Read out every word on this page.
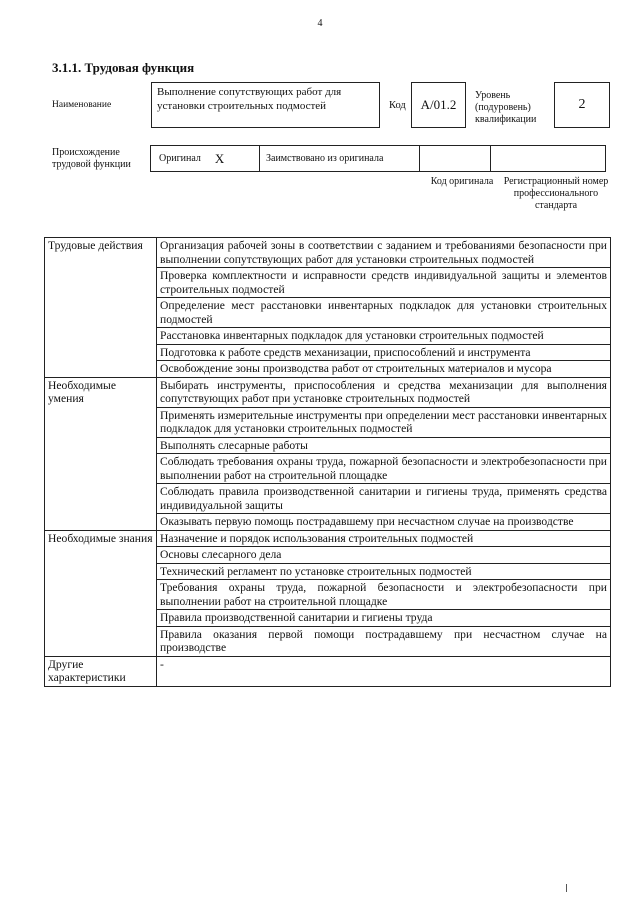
4
3.1.1. Трудовая функция
Наименование
Выполнение сопутствующих работ для установки строительных подмостей	Код	А/01.2
Уровень (подуровень) квалификации
2
Происхождение трудовой функции
Оригинал X	Заимствовано из оригинала
Код оригинала	Регистрационный номер профессионального стандарта
Трудовые действия	Организация рабочей зоны в соответствии с заданием и требованиями безопасности при выполнении сопутствующих работ для установки строительных подмостей
	Проверка комплектности и исправности средств индивидуальной защиты и элементов строительных подмостей
	Определение мест расстановки инвентарных подкладок для установки строительных подмостей
	Расстановка инвентарных подкладок для установки строительных подмостей
	Подготовка к работе средств механизации, приспособлений и инструмента
	Освобождение зоны производства работ от строительных материалов и мусора
Необходимые умения	Выбирать инструменты, приспособления и средства механизации для выполнения сопутствующих работ при установке строительных подмостей
	Применять измерительные инструменты при определении мест расстановки инвентарных подкладок для установки строительных подмостей
	Выполнять слесарные работы
	Соблюдать требования охраны труда, пожарной безопасности и электробезопасности при выполнении работ на строительной площадке
	Соблюдать правила производственной санитарии и гигиены труда, применять средства индивидуальной защиты
	Оказывать первую помощь пострадавшему при несчастном случае на производстве
Необходимые знания	Назначение и порядок использования строительных подмостей
	Основы слесарного дела
	Технический регламент по установке строительных подмостей
	Требования охраны труда, пожарной безопасности и электробезопасности при выполнении работ на строительной площадке
	Правила производственной санитарии и гигиены труда
	Правила оказания первой помощи пострадавшему при несчастном случае на производстве
Другие характеристики	-
